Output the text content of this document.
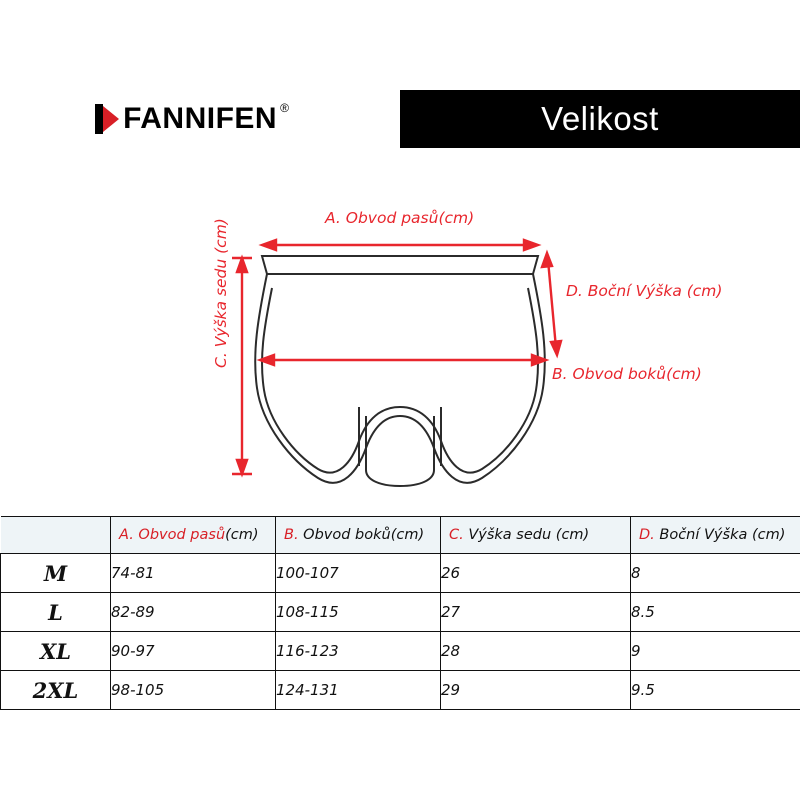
FANNIFEN ®	Velikost
A. Obvod pasů(cm)
B. Obvod boků(cm)
C. Výška sedu (cm)	D. Boční Výška (cm)
	A. Obvod pasů(cm)	B. Obvod boků(cm)	C. Výška sedu (cm)	D. Boční Výška (cm)
M	74-81	100-107	26	8
L	82-89	108-115	27	8.5
XL	90-97	116-123	28	9
2XL	98-105	124-131	29	9.5
